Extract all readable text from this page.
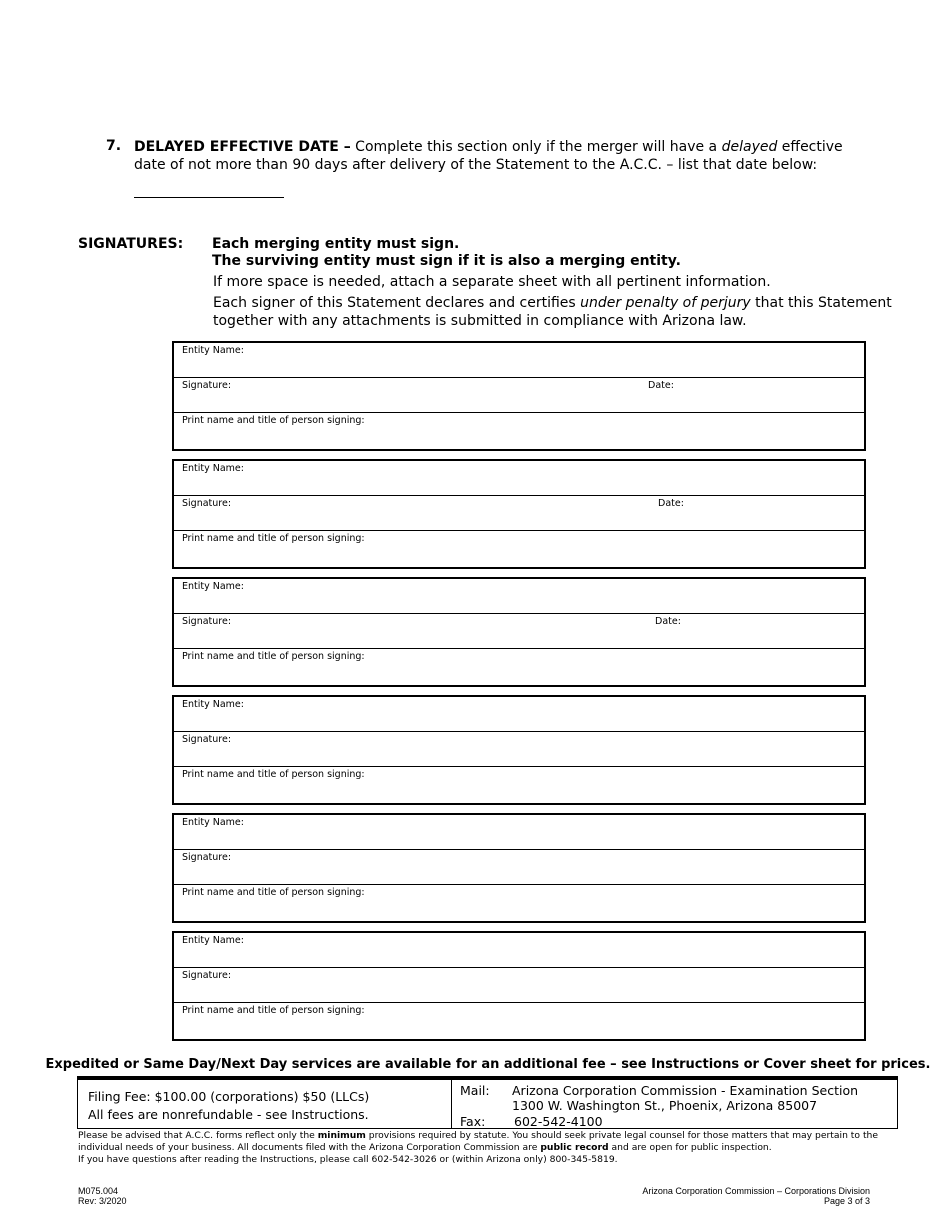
7. DELAYED EFFECTIVE DATE – Complete this section only if the merger will have a delayed effective date of not more than 90 days after delivery of the Statement to the A.C.C. – list that date below:
SIGNATURES: Each merging entity must sign.
The surviving entity must sign if it is also a merging entity.
If more space is needed, attach a separate sheet with all pertinent information.
Each signer of this Statement declares and certifies under penalty of perjury that this Statement together with any attachments is submitted in compliance with Arizona law.
Entity Name:
Signature:	Date:
Print name and title of person signing:
Entity Name:
Signature:	Date:
Print name and title of person signing:
Entity Name:
Signature:	Date:
Print name and title of person signing:
Entity Name:
Signature:
Print name and title of person signing:
Entity Name:
Signature:
Print name and title of person signing:
Entity Name:
Signature:
Print name and title of person signing:
Expedited or Same Day/Next Day services are available for an additional fee – see Instructions or Cover sheet for prices.
Filing Fee: $100.00 (corporations) $50 (LLCs)
All fees are nonrefundable - see Instructions.
Mail: Arizona Corporation Commission - Examination Section
1300 W. Washington St., Phoenix, Arizona 85007
Fax: 602-542-4100
Please be advised that A.C.C. forms reflect only the minimum provisions required by statute. You should seek private legal counsel for those matters that may pertain to the individual needs of your business. All documents filed with the Arizona Corporation Commission are public record and are open for public inspection.
If you have questions after reading the Instructions, please call 602-542-3026 or (within Arizona only) 800-345-5819.
M075.004
Rev: 3/2020
Arizona Corporation Commission – Corporations Division
Page 3 of 3
